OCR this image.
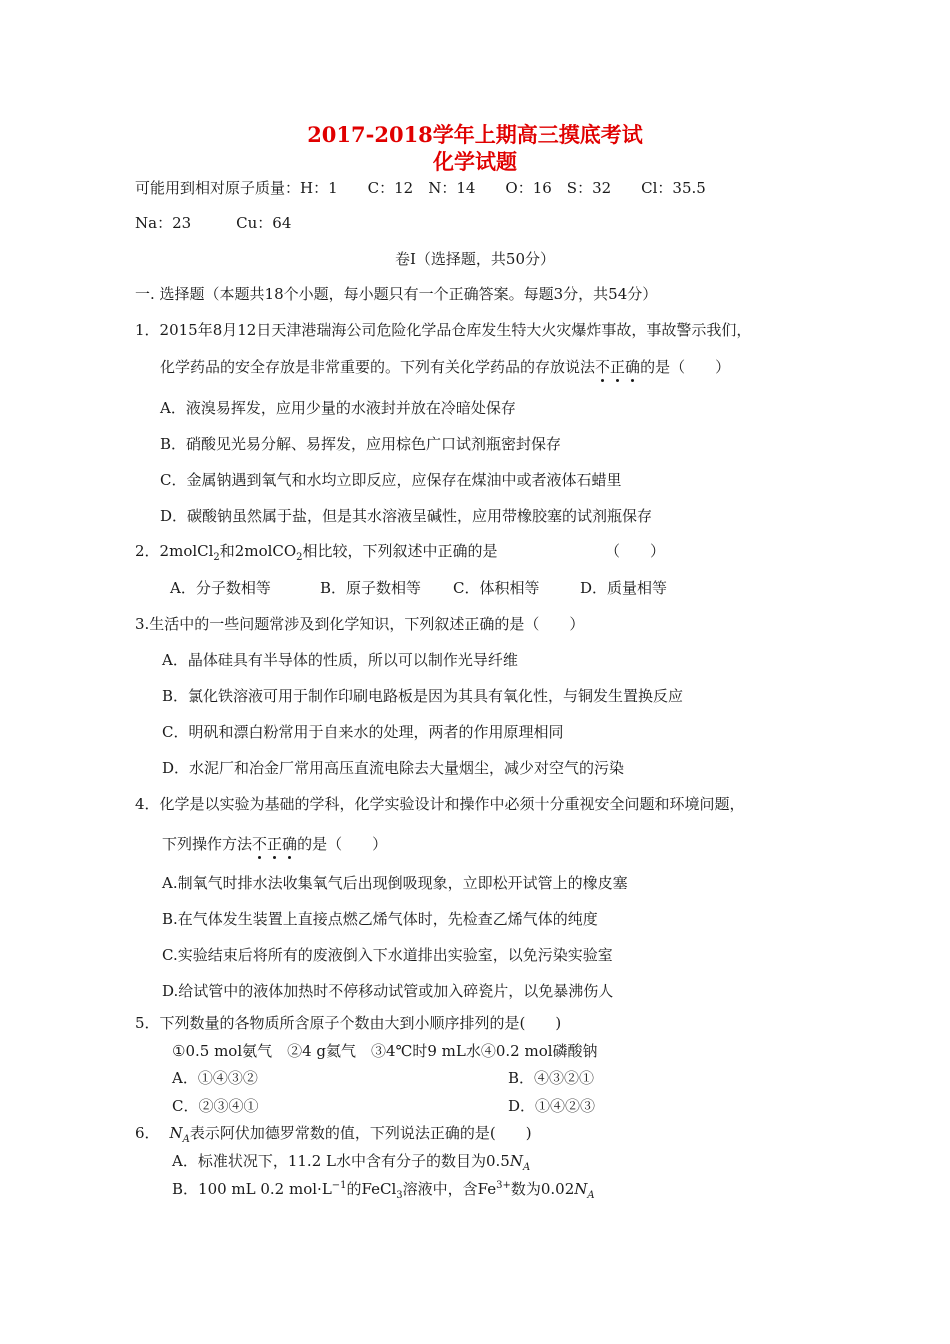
2017-2018学年上期高三摸底考试
化学试题
可能用到相对原子质量：H：1　　C：12　N：14　　O：16　S：32　　Cl：35.5
Na：23　　　Cu：64
卷Ⅰ（选择题，共50分）
一. 选择题（本题共18个小题，每小题只有一个正确答案。每题3分，共54分）
1．2015年8月12日天津港瑞海公司危险化学品仓库发生特大火灾爆炸事故，事故警示我们，
化学药品的安全存放是非常重要的。下列有关化学药品的存放说法不正确的是（　　）
A．液溴易挥发，应用少量的水液封并放在冷暗处保存
B．硝酸见光易分解、易挥发，应用棕色广口试剂瓶密封保存
C．金属钠遇到氧气和水均立即反应，应保存在煤油中或者液体石蜡里
D．碳酸钠虽然属于盐，但是其水溶液呈碱性，应用带橡胶塞的试剂瓶保存
2．2molCl$_2$和2molCO$_2$相比较，下列叙述中正确的是	（　　）
A．分子数相等	B．原子数相等 C．体积相等	D．质量相等
3.生活中的一些问题常涉及到化学知识，下列叙述正确的是（　　）
A．晶体硅具有半导体的性质，所以可以制作光导纤维
B．氯化铁溶液可用于制作印刷电路板是因为其具有氧化性，与铜发生置换反应
C．明矾和漂白粉常用于自来水的处理，两者的作用原理相同
D．水泥厂和冶金厂常用高压直流电除去大量烟尘，减少对空气的污染
4．化学是以实验为基础的学科，化学实验设计和操作中必须十分重视安全问题和环境问题，
下列操作方法不正确的是（　　）
A.制氧气时排水法收集氧气后出现倒吸现象，立即松开试管上的橡皮塞
B.在气体发生装置上直接点燃乙烯气体时，先检查乙烯气体的纯度
C.实验结束后将所有的废液倒入下水道排出实验室，以免污染实验室
D.给试管中的液体加热时不停移动试管或加入碎瓷片，以免暴沸伤人
5．下列数量的各物质所含原子个数由大到小顺序排列的是(　　)
①0.5 mol氨气　②4 g氦气　③4℃时9 mL水④0.2 mol磷酸钠
A．①④③②	B．④③②①
C．②③④①	D．①④②③
6． $N_A$表示阿伏加德罗常数的值，下列说法正确的是(　　)
A．标准状况下，11.2 L水中含有分子的数目为$0.5N_A$
B．100 mL 0.2 $mol\cdot L^{-1}$的FeCl$_3$溶液中，含$Fe^{3+}$数为$0.02N_A$
